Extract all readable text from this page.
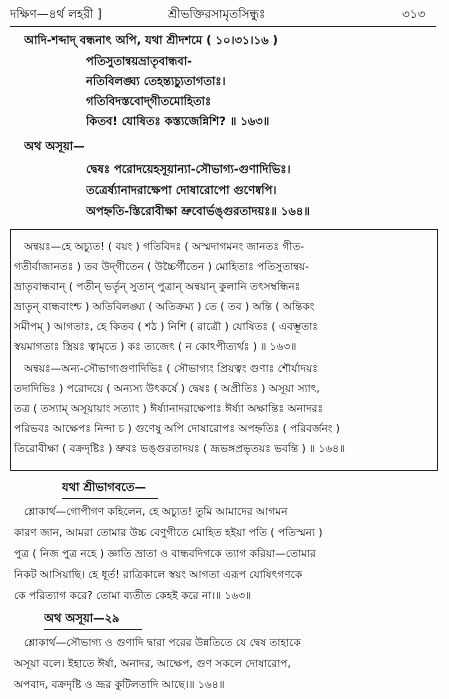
দক্ষিণ—৪র্থ লহরী ]	শ্রীভক্তিরসামৃতসিন্ধুঃ	৩১৩
আদি-শব্দাদ্‌ বন্ধনাৎ অপি, যথা শ্রীদশমে ( ১০।৩১।১৬ )
পতিসুতান্বয়ভ্রাতৃবান্ধবা-
নতিবিলঙ্ঘ্য তেহন্ত্যচ্যুতাগতাঃ।
গতিবিদস্তবোদ্‌গীতমোহিতাঃ
কিতব! যোষিতঃ কস্ত্যজেন্নিশি? ॥ ১৬৩॥
অথ অসূয়া—
দ্বেষঃ পরোদয়েহসূয়ান্যা-সৌভাগ্য-গুণাদিভিঃ।
তত্রের্ষ্যানাদরাক্ষেপা দোষারোপো গুণেষ্বপি।
অপহ্নতি-স্তিরোবীক্ষা ভ্রুবোর্ভঙ্গুরতাদয়ঃ॥ ১৬৪॥
অন্বয়ঃ—হে অচ্যুত! ( বয়ং ) গতিবিদঃ ( অস্মদাগমনং জানতঃ গীত-
গতীর্বাজানতঃ ) তব উদ্‌গীতেন ( উচ্চৈর্গীতেন ) মোহিতাঃ পতিসুতান্বয়-
ভ্রাতৃবান্ধবান্‌ ( পতীন্‌ ভর্তৄন্‌ সুতান্‌ পুত্রান্‌ অন্বয়ান্‌ কুলানি তৎসম্বন্ধিনঃ
ভ্রাতৄন্‌ বান্ধবাংশ্চ ) অতিবিলঙ্ঘ্য ( অতিক্রম্য ) তে ( তব ) অন্তি ( অন্তিকং
সমীপম্‌ ) আগতাঃ, হে কিতব ( শঠ ) নিশি ( রাত্রৌ ) যোষিতঃ ( এবম্ভূতাঃ
স্বয়মাগতাঃ স্ত্রিয়ঃ ত্বামৃতে ) কঃ ত্যজেৎ ( ন কোঽপীত্যর্থঃ ) ॥ ১৬৩॥
অন্বয়ঃ—অন্য-সৌভাগ্যগুণাদিভিঃ ( সৌভাগ্যং প্রিয়ত্বং গুণাঃ শৌর্যাদয়ঃ
তদাদিভিঃ ) পরোদয়ে ( অন্যস্য উৎকর্ষে ) দ্বেষঃ ( অপ্রীতিঃ ) অসূয়া স্যাৎ,
তত্র ( তস্যাম্‌ অসূয়ায়াং সত্যাং ) ঈর্ষ্যানাদরাক্ষেপাঃ ঈর্ষ্যা অক্ষান্তিঃ অনাদরঃ
পরিভবঃ আক্ষেপঃ নিন্দা চ ) গুণেষু অপি দোষারোপঃ অপহ্নতিঃ ( পরিবর্জনং )
তিরোবীক্ষা ( বক্রদৃষ্টিঃ ) ভ্রুবঃ ভঙ্গুরতাদয়ঃ ( ভ্রূভঙ্গপ্রভৃতয়ঃ ভবন্তি ) ॥ ১৬৪॥
যথা শ্রীভাগবতে—
শ্লোকার্থ—গোপীগণ কহিলেন, হে অচ্যুত! তুমি আমাদের আগমন
কারণ জান, আমরা তোমার উচ্চ বেণুগীতে মোহিত হইয়া পতি ( পতিস্মন্য )
পুত্র ( নিজ পুত্র নহে ) জ্ঞাতি ভ্রাতা ও বান্ধবদিগকে ত্যাগ করিয়া—তোমার
নিকট আসিয়াছি। হে ধূর্ত! রাত্রিকালে স্বয়ং আগতা এরূপ যোষিৎগণকে
কে পরিত্যাগ করে? তোমা ব্যতীত কেহই করে না।॥ ১৬৩॥
অথ অসূয়া—২৯
শ্লোকার্থ—সৌভাগ্য ও গুণাদি দ্বারা পরের উন্নতিতে যে দ্বেষ তাহাকে
অসূয়া বলে। ইহাতে ঈর্ষা, অনাদর, আক্ষেপ, গুণ সকলে দোষারোপ,
অপবাদ, বক্রদৃষ্টি ও ভ্রূর কুটিলতাদি আছে।॥ ১৬৪॥
